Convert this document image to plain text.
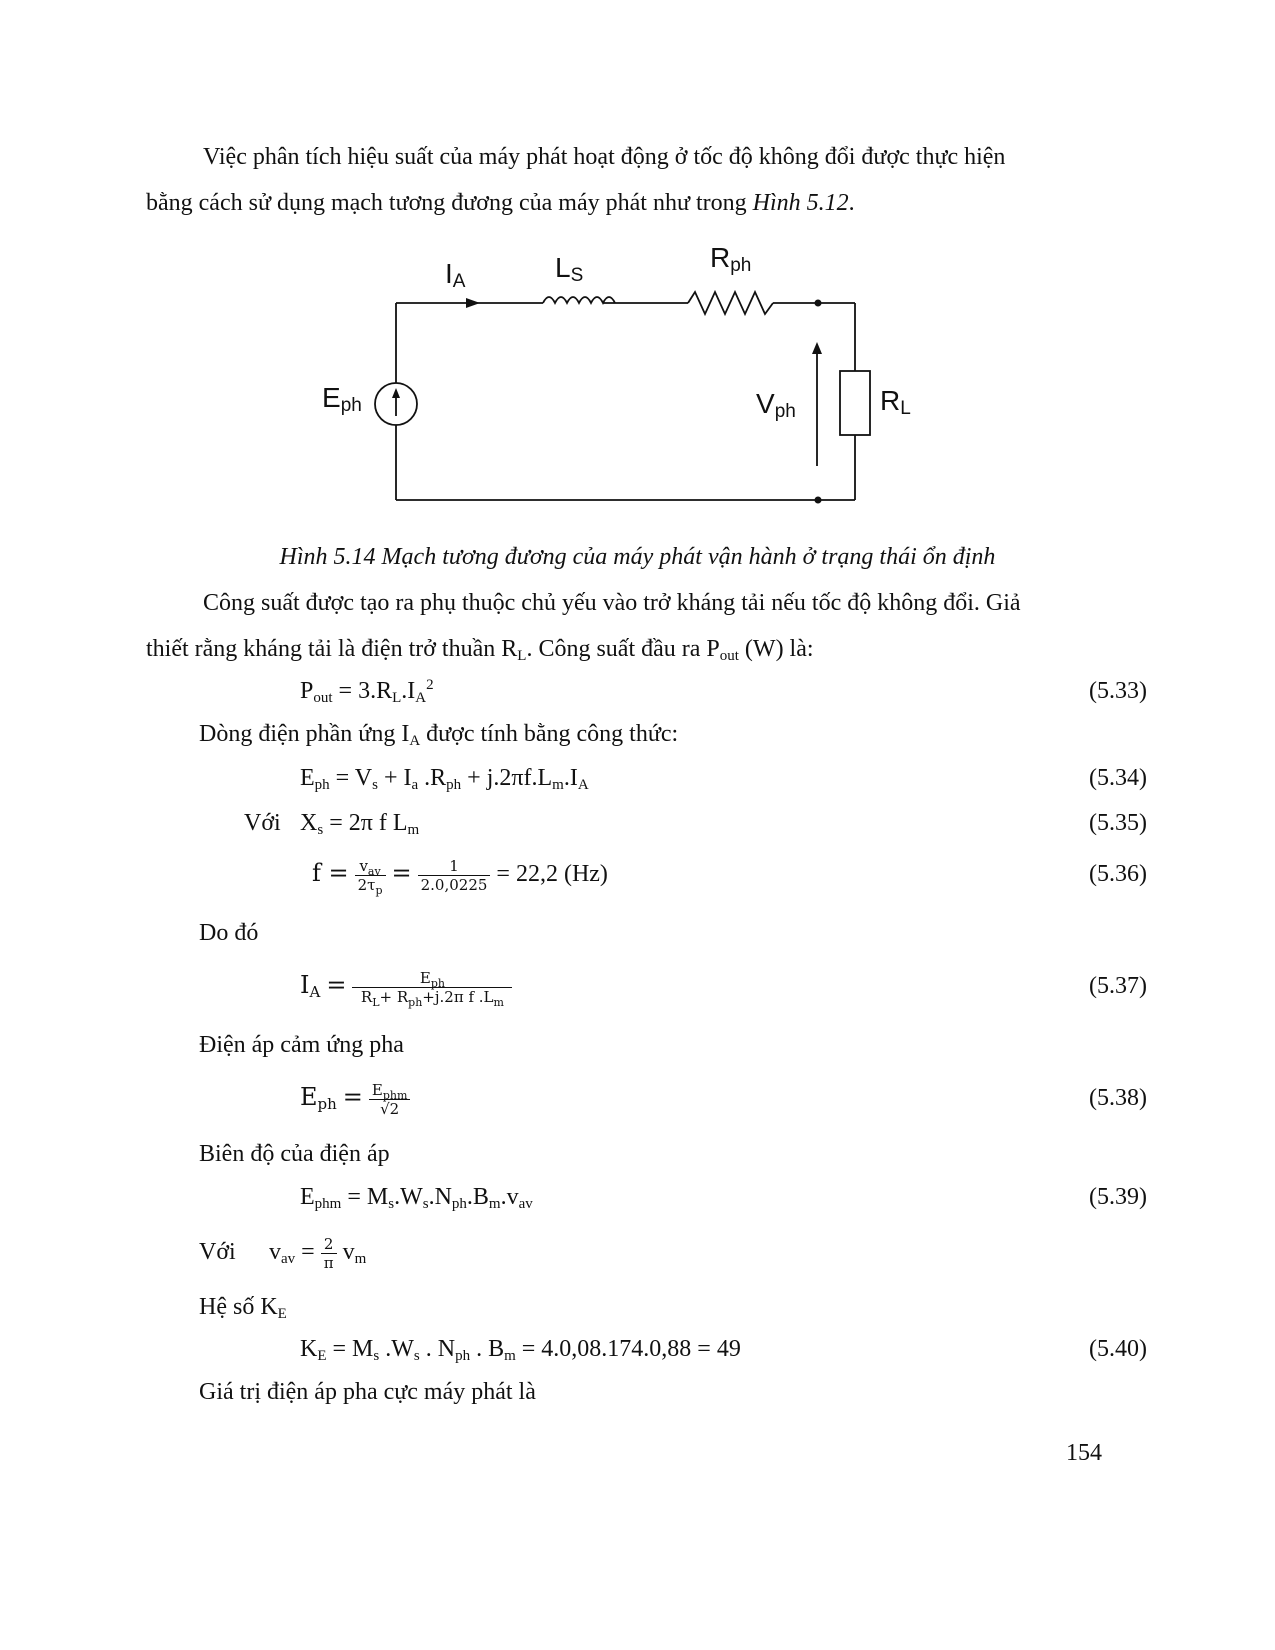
Việc phân tích hiệu suất của máy phát hoạt động ở tốc độ không đổi được thực hiện
bằng cách sử dụng mạch tương đương của máy phát như trong Hình 5.12.
$I_A$	$L_S$
$R_{ph}$
$E_{ph}$	$V_{ph}$	$R_L$
Hình 5.14 Mạch tương đương của máy phát vận hành ở trạng thái ổn định
Công suất được tạo ra phụ thuộc chủ yếu vào trở kháng tải nếu tốc độ không đổi. Giả
thiết rằng kháng tải là điện trở thuần $R_L$. Công suất đầu ra $P_{out}$ (W) là:
$P_{out} = 3.R_L.I_A^2$	(5.33)
Dòng điện phần ứng $I_A$ được tính bằng công thức:
$E_{ph} = V_s + I_a$ $.R_{ph} + j.2\pi f.L_m.I_A$	(5.34)
Với $X_s = 2\pi$ f $L_m$	(5.35)
$f = \frac{v_{av}}{2\tau_p} = \frac{1}{2.0,0225} = 22,2$ (Hz)	(5.36)
Do đó
$I_A = \frac{E_{ph}}{R_L+ R_{ph}+j.2\pi f .L_m}$	(5.37)
Điện áp cảm ứng pha
$E_{ph} = \frac{E_{phm}}{√2}$	(5.38)
Biên độ của điện áp
$E_{phm} = M_s.W_s.N_{ph}.B_m.v_{av}$	(5.39)
Với $v_{av} = \frac{2}{\pi} v_m$
Hệ số $K_E$
$K_E = M_s$ $.W_s$ . $N_{ph}$ . $B_m = 4.0,08.174.0,88 = 49$	(5.40)
Giá trị điện áp pha cực máy phát là
154
